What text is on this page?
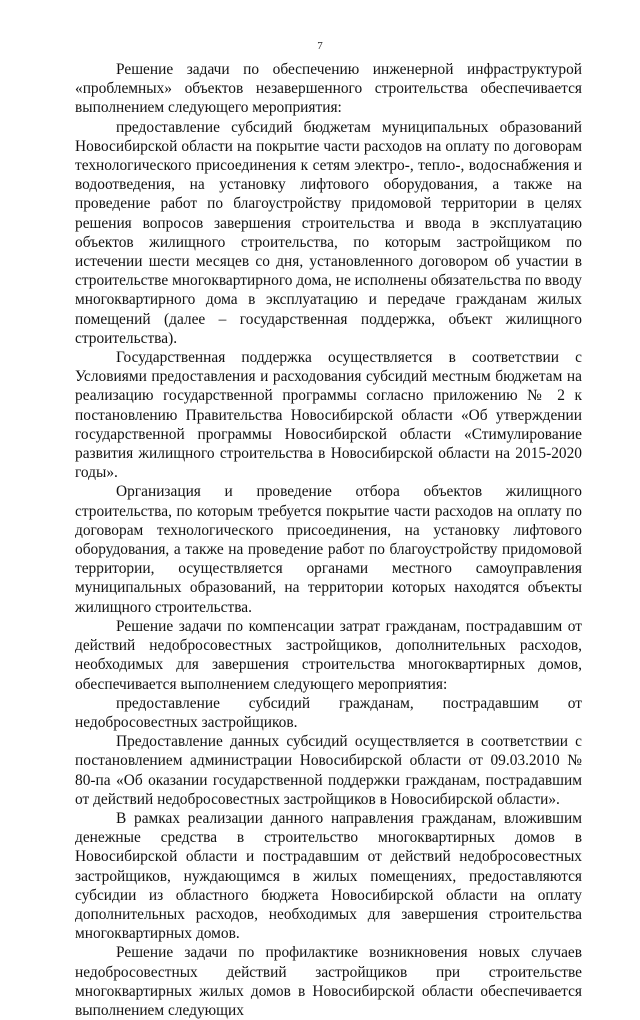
7

Решение задачи по обеспечению инженерной инфраструктурой «проблемных» объектов незавершенного строительства обеспечивается выполнением следующего мероприятия:

предоставление субсидий бюджетам муниципальных образований Новосибирской области на покрытие части расходов на оплату по договорам технологического присоединения к сетям электро-, тепло-, водоснабжения и водоотведения, на установку лифтового оборудования, а также на проведение работ по благоустройству придомовой территории в целях решения вопросов завершения строительства и ввода в эксплуатацию объектов жилищного строительства, по которым застройщиком по истечении шести месяцев со дня, установленного договором об участии в строительстве многоквартирного дома, не исполнены обязательства по вводу многоквартирного дома в эксплуатацию и передаче гражданам жилых помещений (далее – государственная поддержка, объект жилищного строительства).

Государственная поддержка осуществляется в соответствии с Условиями предоставления и расходования субсидий местным бюджетам на реализацию государственной программы согласно приложению № 2 к постановлению Правительства Новосибирской области «Об утверждении государственной программы Новосибирской области «Стимулирование развития жилищного строительства в Новосибирской области на 2015-2020 годы».

Организация и проведение отбора объектов жилищного строительства, по которым требуется покрытие части расходов на оплату по договорам технологического присоединения, на установку лифтового оборудования, а также на проведение работ по благоустройству придомовой территории, осуществляется органами местного самоуправления муниципальных образований, на территории которых находятся объекты жилищного строительства.

Решение задачи по компенсации затрат гражданам, пострадавшим от действий недобросовестных застройщиков, дополнительных расходов, необходимых для завершения строительства многоквартирных домов, обеспечивается выполнением следующего мероприятия:

предоставление субсидий гражданам, пострадавшим от недобросовестных застройщиков.

Предоставление данных субсидий осуществляется в соответствии с постановлением администрации Новосибирской области от 09.03.2010 № 80-па «Об оказании государственной поддержки гражданам, пострадавшим от действий недобросовестных застройщиков в Новосибирской области».

В рамках реализации данного направления гражданам, вложившим денежные средства в строительство многоквартирных домов в Новосибирской области и пострадавшим от действий недобросовестных застройщиков, нуждающимся в жилых помещениях, предоставляются субсидии из областного бюджета Новосибирской области на оплату дополнительных расходов, необходимых для завершения строительства многоквартирных домов.

Решение задачи по профилактике возникновения новых случаев недобросовестных действий застройщиков при строительстве многоквартирных жилых домов в Новосибирской области обеспечивается выполнением следующих
